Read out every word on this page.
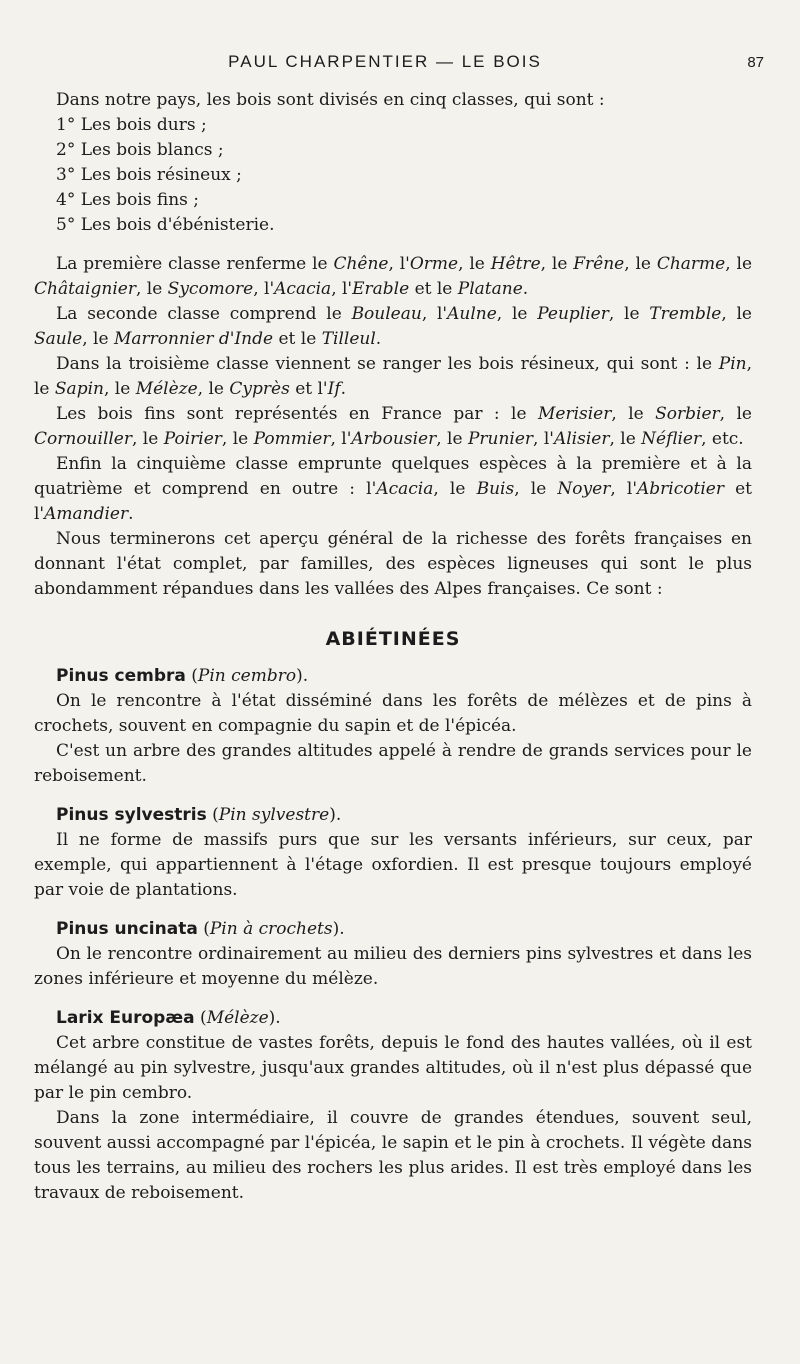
PAUL CHARPENTIER — LE BOIS	87

Dans notre pays, les bois sont divisés en cinq classes, qui sont :

1° Les bois durs ;
2° Les bois blancs ;
3° Les bois résineux ;
4° Les bois fins ;
5° Les bois d'ébénisterie.

La première classe renferme le Chêne, l'Orme, le Hêtre, le Frêne, le Charme, le Châtaignier, le Sycomore, l'Acacia, l'Erable et le Platane.

La seconde classe comprend le Bouleau, l'Aulne, le Peuplier, le Tremble, le Saule, le Marronnier d'Inde et le Tilleul.

Dans la troisième classe viennent se ranger les bois résineux, qui sont : le Pin, le Sapin, le Mélèze, le Cyprès et l'If.

Les bois fins sont représentés en France par : le Merisier, le Sorbier, le Cornouiller, le Poirier, le Pommier, l'Arbousier, le Prunier, l'Alisier, le Néflier, etc.

Enfin la cinquième classe emprunte quelques espèces à la première et à la quatrième et comprend en outre : l'Acacia, le Buis, le Noyer, l'Abricotier et l'Amandier.

Nous terminerons cet aperçu général de la richesse des forêts françaises en donnant l'état complet, par familles, des espèces ligneuses qui sont le plus abondamment répandues dans les vallées des Alpes françaises. Ce sont :

ABIÉTINÉES

Pinus cembra (Pin cembro).

On le rencontre à l'état disséminé dans les forêts de mélèzes et de pins à crochets, souvent en compagnie du sapin et de l'épicéa.

C'est un arbre des grandes altitudes appelé à rendre de grands services pour le reboisement.

Pinus sylvestris (Pin sylvestre).

Il ne forme de massifs purs que sur les versants inférieurs, sur ceux, par exemple, qui appartiennent à l'étage oxfordien. Il est presque toujours employé par voie de plantations.

Pinus uncinata (Pin à crochets).

On le rencontre ordinairement au milieu des derniers pins sylvestres et dans les zones inférieure et moyenne du mélèze.

Larix Europæa (Mélèze).

Cet arbre constitue de vastes forêts, depuis le fond des hautes vallées, où il est mélangé au pin sylvestre, jusqu'aux grandes altitudes, où il n'est plus dépassé que par le pin cembro.

Dans la zone intermédiaire, il couvre de grandes étendues, souvent seul, souvent aussi accompagné par l'épicéa, le sapin et le pin à crochets. Il végète dans tous les terrains, au milieu des rochers les plus arides. Il est très employé dans les travaux de reboisement.
